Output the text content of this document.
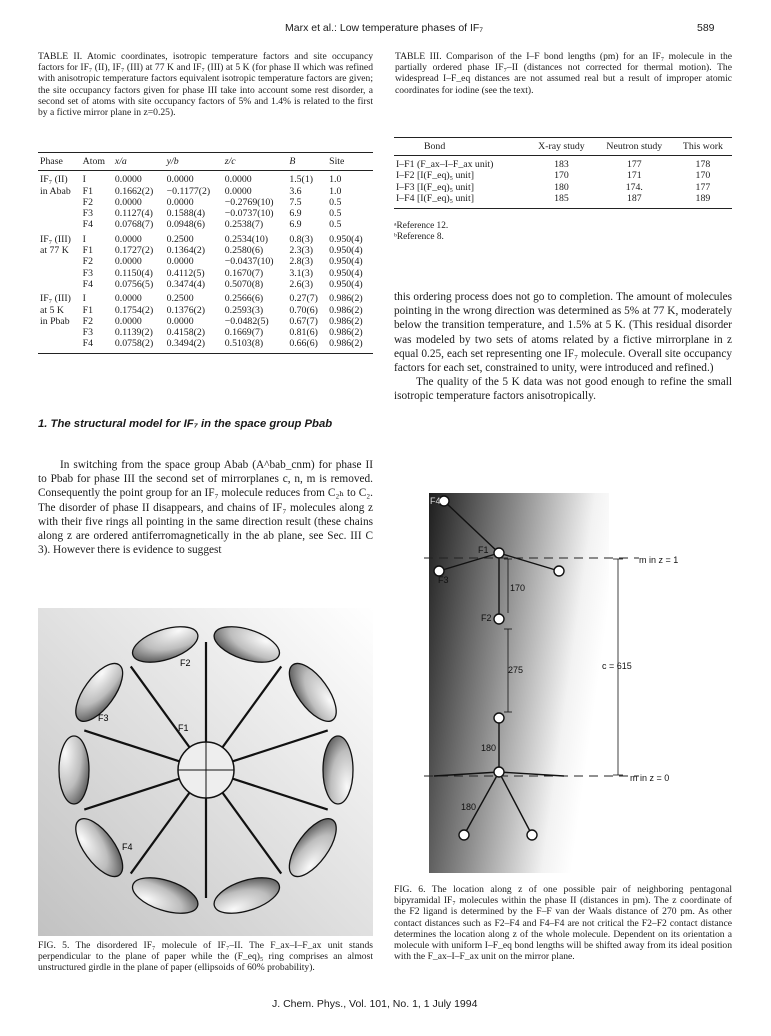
Marx et al.: Low temperature phases of IF₇	589
TABLE II. Atomic coordinates, isotropic temperature factors and site occupancy factors for IF₇ (II), IF₇ (III) at 77 K and IF₇ (III) at 5 K (for phase II which was refined with anisotropic temperature factors equivalent isotropic temperature factors are given; the site occupancy factors given for phase III take into account some rest disorder, a second set of atoms with site occupancy factors of 5% and 1.4% is related to the first by a fictive mirror plane in z=0.25).
Phase	Atom	x/a	y/b	z/c	B	Site
IF₇ (II)	I	0.0000	0.0000	0.0000	1.5(1)	1.0
in Abab	F1	0.1662(2)	−0.1177(2)	0.0000	3.6	1.0
	F2	0.0000	0.0000	−0.2769(10)	7.5	0.5
	F3	0.1127(4)	0.1588(4)	−0.0737(10)	6.9	0.5
	F4	0.0768(7)	0.0948(6)	0.2538(7)	6.9	0.5
IF₇ (III)	I	0.0000	0.2500	0.2534(10)	0.8(3)	0.950(4)
at 77 K	F1	0.1727(2)	0.1364(2)	0.2580(6)	2.3(3)	0.950(4)
	F2	0.0000	0.0000	−0.0437(10)	2.8(3)	0.950(4)
	F3	0.1150(4)	0.4112(5)	0.1670(7)	3.1(3)	0.950(4)
	F4	0.0756(5)	0.3474(4)	0.5070(8)	2.6(3)	0.950(4)
IF₇ (III)	I	0.0000	0.2500	0.2566(6)	0.27(7)	0.986(2)
at 5 K	F1	0.1754(2)	0.1376(2)	0.2593(3)	0.70(6)	0.986(2)
in Pbab	F2	0.0000	0.0000	−0.0482(5)	0.67(7)	0.986(2)
	F3	0.1139(2)	0.4158(2)	0.1669(7)	0.81(6)	0.986(2)
	F4	0.0758(2)	0.3494(2)	0.5103(8)	0.66(6)	0.986(2)
TABLE III. Comparison of the I–F bond lengths (pm) for an IF₇ molecule in the partially ordered phase IF₇–II (distances not corrected for thermal motion). The widespread I–F_eq distances are not assumed real but a result of improper atomic coordinates for iodine (see the text).
Bond	X-ray study	Neutron study	This work
I–F1 (F_ax–I–F_ax unit)	183	177	178
I–F2 [I(F_eq)₅ unit]	170	171	170
I–F3 [I(F_eq)₅ unit]	180	174.	177
I–F4 [I(F_eq)₅ unit]	185	187	189
ᵃReference 12.
ᵇReference 8.
1. The structural model for IF₇ in the space group Pbab
In switching from the space group Abab (A^bab_cnm) for phase II to Pbab for phase III the second set of mirrorplanes c, n, m is removed. Consequently the point group for an IF₇ molecule reduces from C₂ₕ to C₂. The disorder of phase II disappears, and chains of IF₇ molecules along z with their five rings all pointing in the same direction result (these chains along z are ordered antiferromagnetically in the ab plane, see Sec. III C 3). However there is evidence to suggest
this ordering process does not go to completion. The amount of molecules pointing in the wrong direction was determined as 5% at 77 K, moderately below the transition temperature, and 1.5% at 5 K. (This residual disorder was modeled by two sets of atoms related by a fictive mirrorplane in z equal 0.25, each set representing one IF₇ molecule. Overall site occupancy factors for each set, constrained to unity, were introduced and refined.)
The quality of the 5 K data was not good enough to refine the small isotropic temperature factors anisotropically.
F1
F2
F3
F4
FIG. 5. The disordered IF₇ molecule of IF₇–II. The F_ax–I–F_ax unit stands perpendicular to the plane of paper while the (F_eq)₅ ring comprises an almost unstructured girdle in the plane of paper (ellipsoids of 60% probability).
F1
F3
F4
F2
170
275
180
180
c = 615
m in z = 1
m in z = 0
FIG. 6. The location along z of one possible pair of neighboring pentagonal bipyramidal IF₇ molecules within the phase II (distances in pm). The z coordinate of the F2 ligand is determined by the F–F van der Waals distance of 270 pm. As other contact distances such as F2–F4 and F4–F4 are not critical the F2–F2 contact distance determines the location along z of the whole molecule. Dependent on its orientation a molecule with uniform I–F_eq bond lengths will be shifted away from its ideal position with the F_ax–I–F_ax unit on the mirror plane.
J. Chem. Phys., Vol. 101, No. 1, 1 July 1994
